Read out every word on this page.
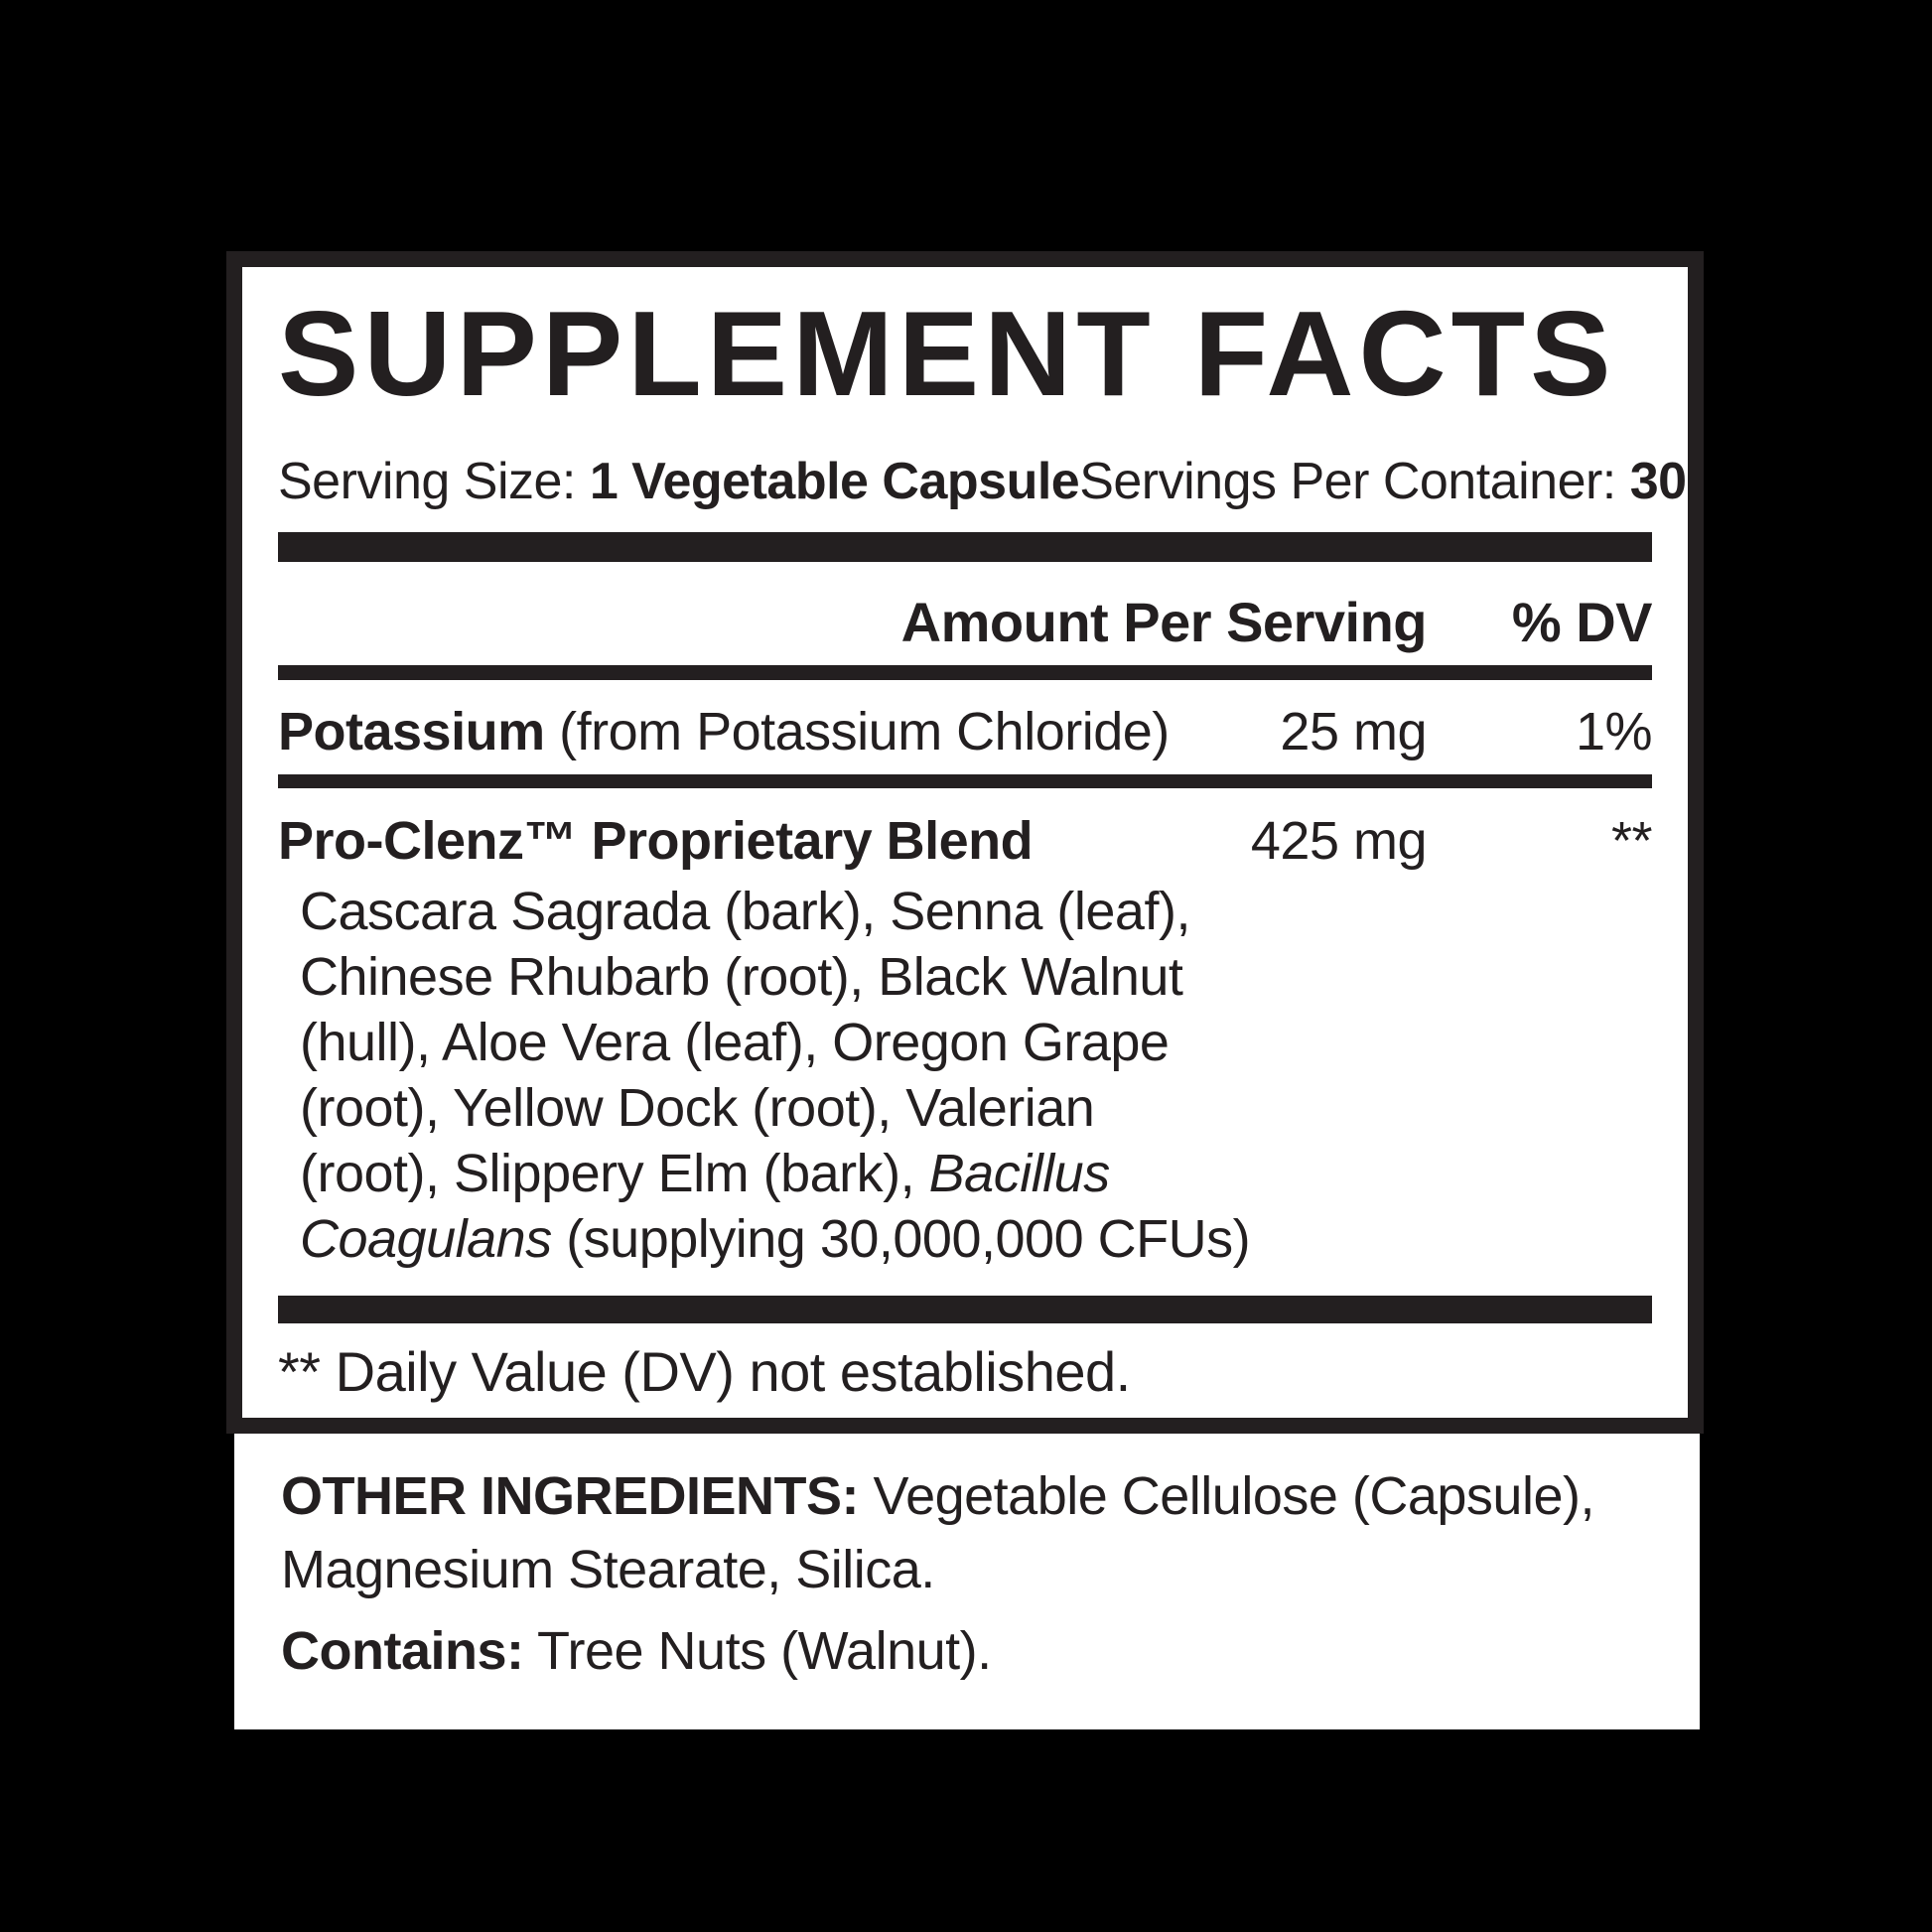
SUPPLEMENT FACTS
Serving Size: 1 Vegetable Capsule Servings Per Container: 30
Amount Per Serving % DV
Potassium (from Potassium Chloride) 25 mg	1%
Pro-Clenz™ Proprietary Blend	425 mg	**
Cascara Sagrada (bark), Senna (leaf),
Chinese Rhubarb (root), Black Walnut
(hull), Aloe Vera (leaf), Oregon Grape
(root), Yellow Dock (root), Valerian
(root), Slippery Elm (bark), Bacillus
Coagulans (supplying 30,000,000 CFUs)

** Daily Value (DV) not established.

OTHER INGREDIENTS: Vegetable Cellulose (Capsule), Magnesium Stearate, Silica.

Contains: Tree Nuts (Walnut).
